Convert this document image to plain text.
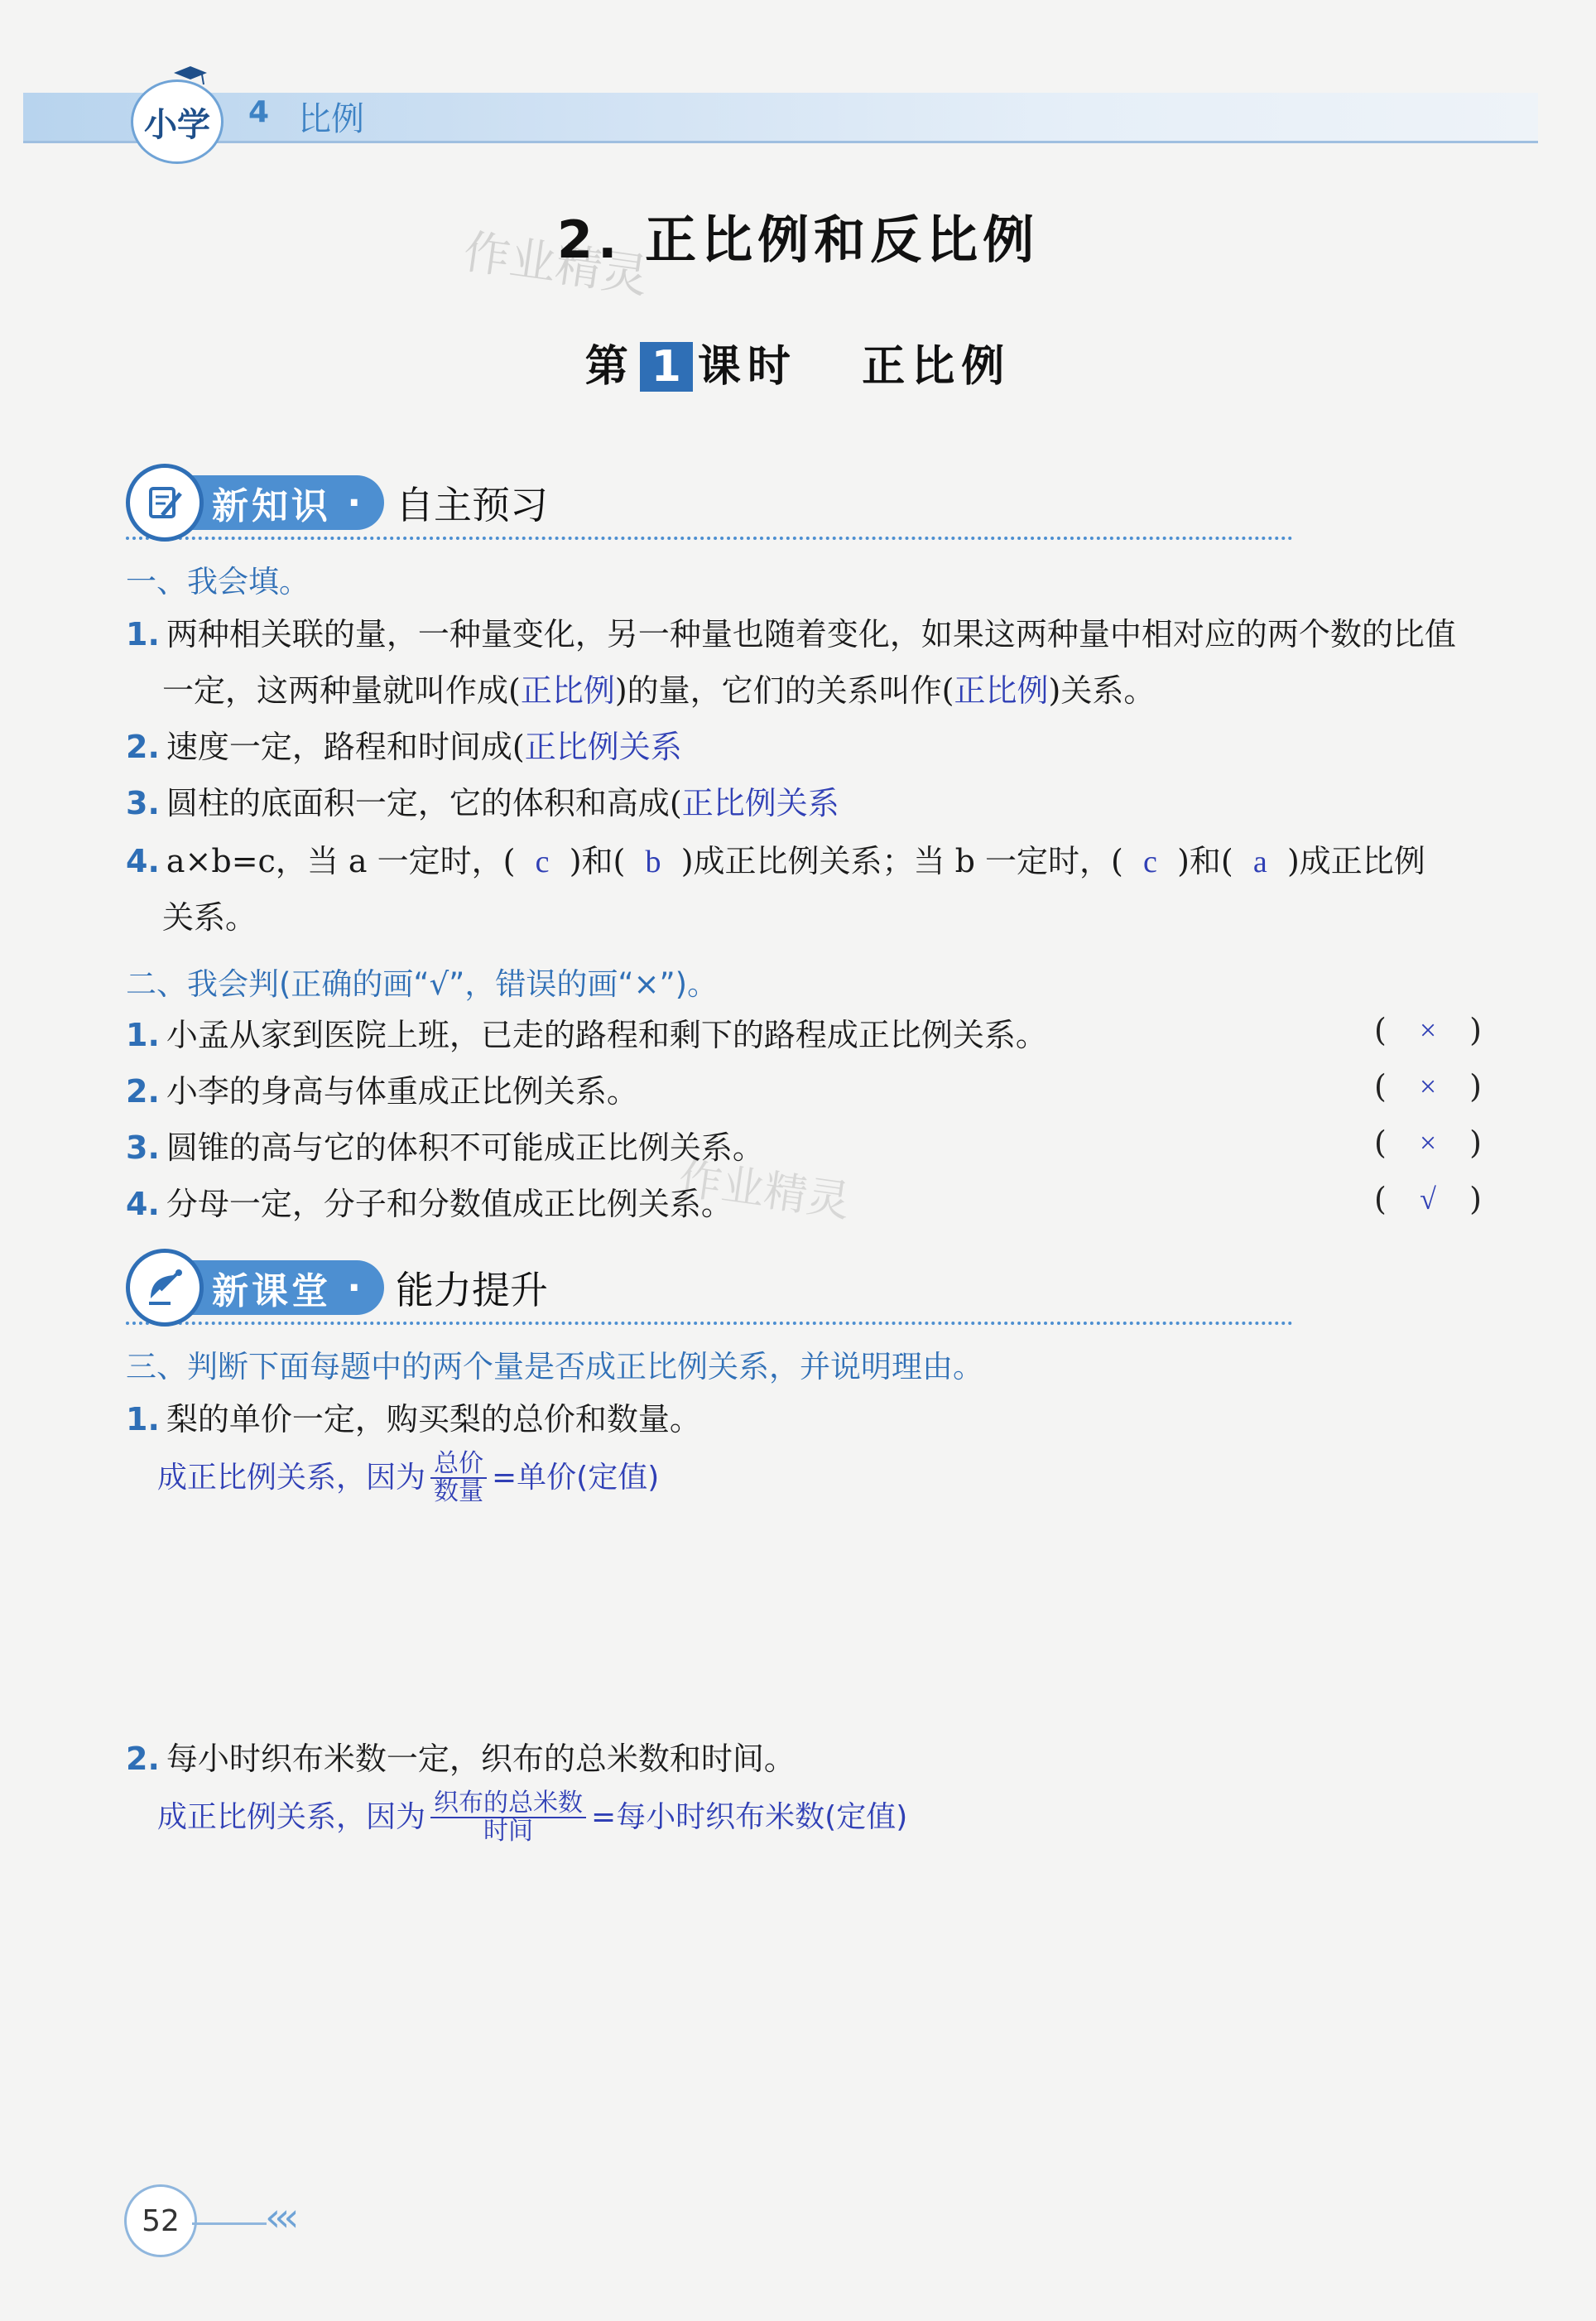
小学 4 比例
作业精灵
2. 正比例和反比例
第 1 课时 正比例
新知识 · 自主预习
一、我会填。
1. 两种相关联的量，一种量变化，另一种量也随着变化，如果这两种量中相对应的两个数的比值
一定，这两种量就叫作成(正比例)的量，它们的关系叫作(正比例)关系。
2. 速度一定，路程和时间成(正比例关系
3. 圆柱的底面积一定，它的体积和高成(正比例关系
4. a×b=c，当 a 一定时，( c )和( b )成正比例关系；当 b 一定时，( c )和( a )成正比例
关系。
二、我会判(正确的画“√”，错误的画“×”)。
1. 小孟从家到医院上班，已走的路程和剩下的路程成正比例关系。	( × )
2. 小李的身高与体重成正比例关系。	( × )
3. 圆锥的高与它的体积不可能成正比例关系。	( × )
作业精灵
4. 分母一定，分子和分数值成正比例关系。	( √ )
新课堂 · 能力提升
三、判断下面每题中的两个量是否成正比例关系，并说明理由。
1. 梨的单价一定，购买梨的总价和数量。
成正比例关系，因为 $\frac{\text{总价}}{\text{数量}}$ =单价(定值)
2. 每小时织布米数一定，织布的总米数和时间。
成正比例关系，因为 $\frac{\text{织布的总米数}}{\text{时间}}$ =每小时织布米数(定值)
52	‹‹‹
